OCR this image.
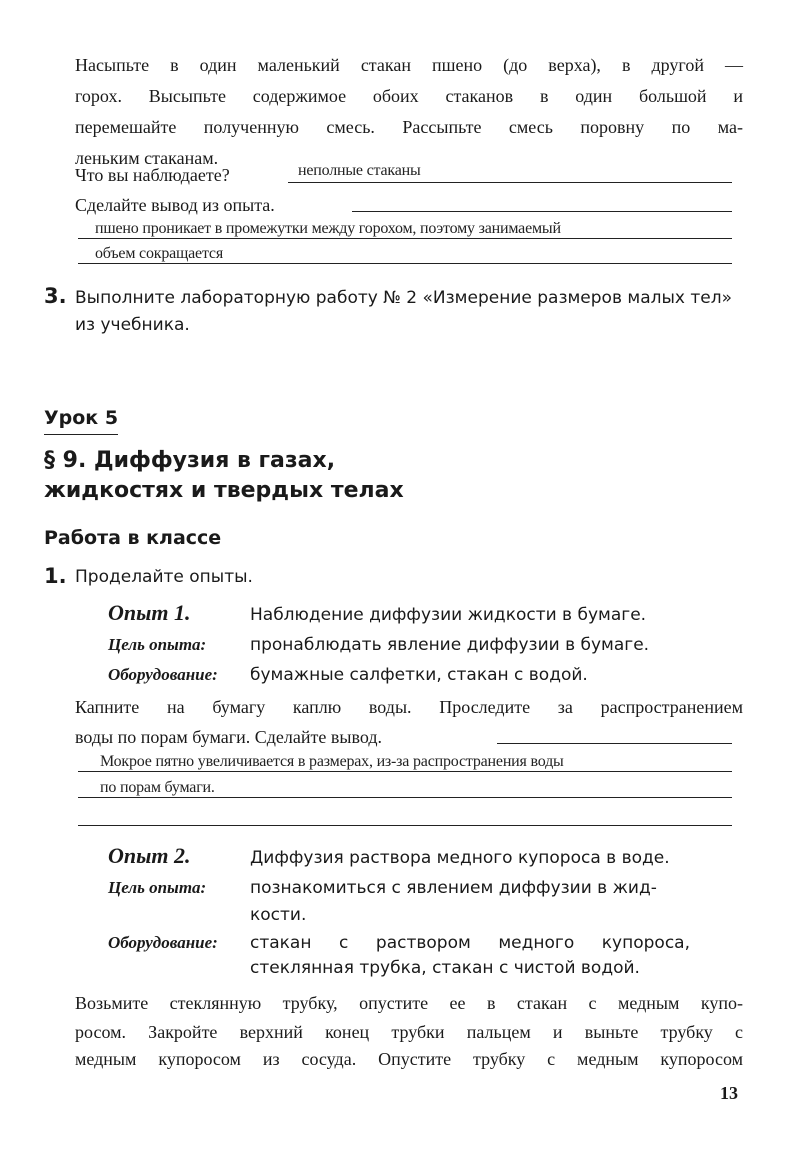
Насыпьте в один маленький стакан пшено (до верха), в другой —
горох. Высыпьте содержимое обоих стаканов в один большой и
перемешайте полученную смесь. Рассыпьте смесь поровну по ма-
леньким стаканам.
Что вы наблюдаете?	неполные стаканы
Сделайте вывод из опыта.
пшено проникает в промежутки между горохом, поэтому занимаемый
объем сокращается
3. Выполните лабораторную работу № 2 «Измерение размеров малых тел»
из учебника.
Урок 5
§ 9. Диффузия в газах,
жидкостях и твердых телах
Работа в классе
1. Проделайте опыты.
Опыт 1.	Наблюдение диффузии жидкости в бумаге.
Цель опыта:	пронаблюдать явление диффузии в бумаге.
Оборудование: бумажные салфетки, стакан с водой.
Капните на бумагу каплю воды. Проследите за распространением
воды по порам бумаги. Сделайте вывод.
Мокрое пятно увеличивается в размерах, из-за распространения воды
по порам бумаги.
Опыт 2.	Диффузия раствора медного купороса в воде.
Цель опыта:	познакомиться с явлением диффузии в жид-
кости.
Оборудование: стакан с раствором медного купороса,
стеклянная трубка, стакан с чистой водой.
Возьмите стеклянную трубку, опустите ее в стакан с медным купо-
росом. Закройте верхний конец трубки пальцем и выньте трубку с
медным купоросом из сосуда. Опустите трубку с медным купоросом
13
